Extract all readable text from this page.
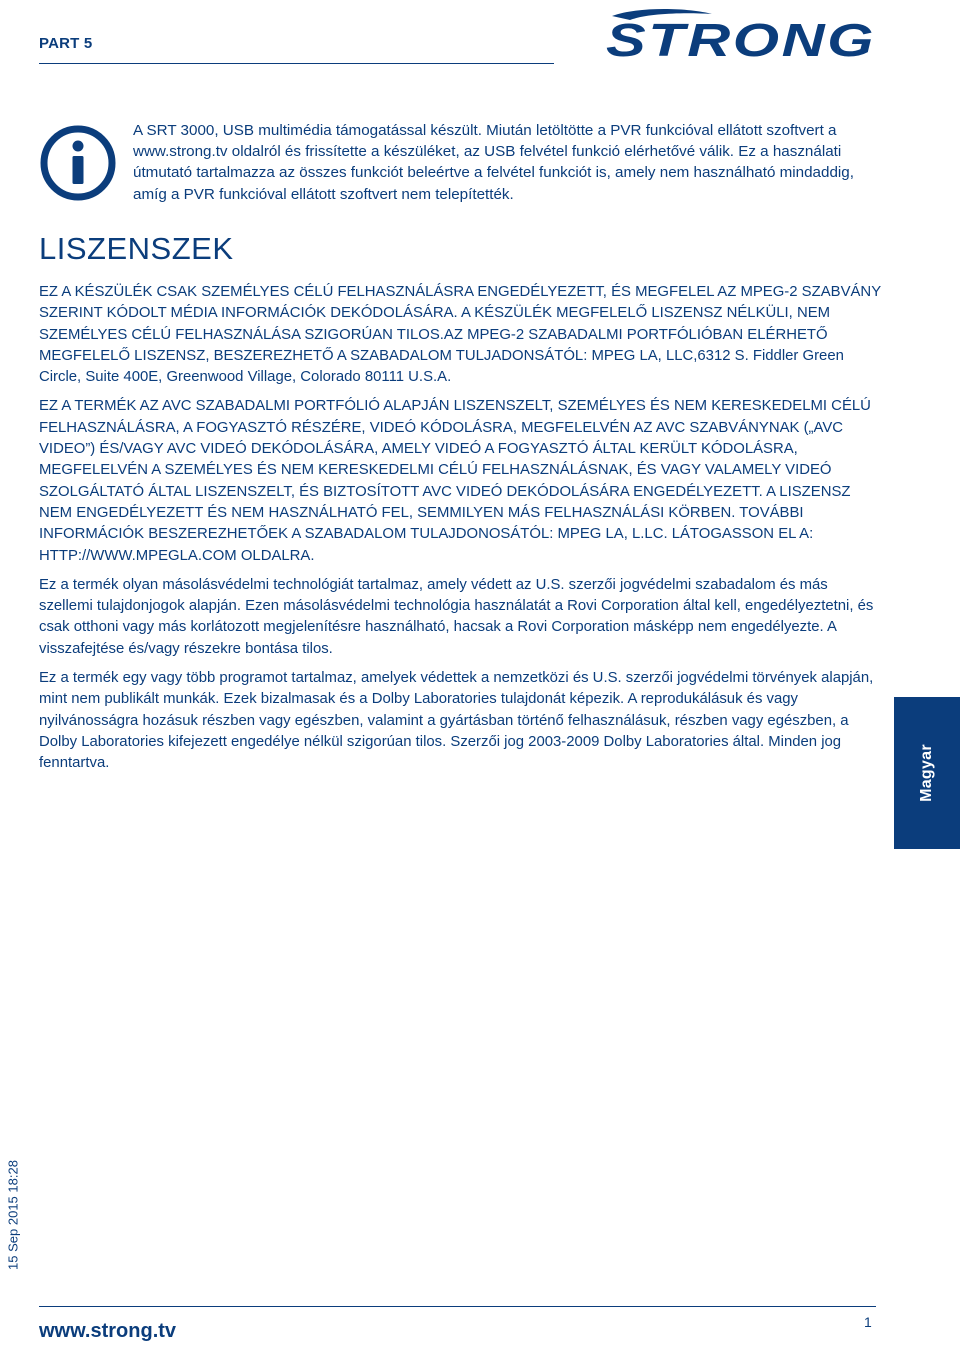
PART 5	STRONG
A SRT 3000, USB multimédia támogatással készült. Miután letöltötte a PVR funkcióval ellátott szoftvert a www.strong.tv oldalról és frissítette a készüléket, az USB felvétel funkció elérhetővé válik. Ez a használati útmutató tartalmazza az összes funkciót beleértve a felvétel funkciót is, amely nem használható mindaddig, amíg a PVR funkcióval ellátott szoftvert nem telepítették.
LISZENSZEK

EZ A KÉSZÜLÉK CSAK SZEMÉLYES CÉLÚ FELHASZNÁLÁSRA ENGEDÉLYEZETT, ÉS MEGFELEL AZ MPEG-2 SZABVÁNY SZERINT KÓDOLT MÉDIA INFORMÁCIÓK DEKÓDOLÁSÁRA. A KÉSZÜLÉK MEGFELELŐ LISZENSZ NÉLKÜLI, NEM SZEMÉLYES CÉLÚ FELHASZNÁLÁSA SZIGORÚAN TILOS.AZ MPEG-2 SZABADALMI PORTFÓLIÓBAN ELÉRHETŐ MEGFELELŐ LISZENSZ, BESZEREZHETŐ A SZABADALOM TULJADONSÁTÓL: MPEG LA, LLC,6312 S. Fiddler Green Circle, Suite 400E, Greenwood Village, Colorado 80111 U.S.A.

EZ A TERMÉK AZ AVC SZABADALMI PORTFÓLIÓ ALAPJÁN LISZENSZELT, SZEMÉLYES ÉS NEM KERESKEDELMI CÉLÚ FELHASZNÁLÁSRA, A FOGYASZTÓ RÉSZÉRE, VIDEÓ KÓDOLÁSRA, MEGFELELVÉN AZ AVC SZABVÁNYNAK („AVC VIDEO”) ÉS/VAGY AVC VIDEÓ DEKÓDOLÁSÁRA, AMELY VIDEÓ A FOGYASZTÓ ÁLTAL KERÜLT KÓDOLÁSRA, MEGFELELVÉN A SZEMÉLYES ÉS NEM KERESKEDELMI CÉLÚ FELHASZNÁLÁSNAK, ÉS VAGY VALAMELY VIDEÓ SZOLGÁLTATÓ ÁLTAL LISZENSZELT, ÉS BIZTOSÍTOTT AVC VIDEÓ DEKÓDOLÁSÁRA ENGEDÉLYEZETT. A LISZENSZ NEM ENGEDÉLYEZETT ÉS NEM HASZNÁLHATÓ FEL, SEMMILYEN MÁS FELHASZNÁLÁSI KÖRBEN. TOVÁBBI INFORMÁCIÓK BESZEREZHETŐEK A SZABADALOM TULAJDONOSÁTÓL: MPEG LA, L.LC. LÁTOGASSON EL A: HTTP://WWW.MPEGLA.COM OLDALRA.

Ez a termék olyan másolásvédelmi technológiát tartalmaz, amely védett az U.S. szerzői jogvédelmi szabadalom és más szellemi tulajdonjogok alapján. Ezen másolásvédelmi technológia használatát a Rovi Corporation által kell, engedélyeztetni, és csak otthoni vagy más korlátozott megjelenítésre használható, hacsak a Rovi Corporation másképp nem engedélyezte. A visszafejtése és/vagy részekre bontása tilos.

Ez a termék egy vagy több programot tartalmaz, amelyek védettek a nemzetközi és U.S. szerzői jogvédelmi törvények alapján, mint nem publikált munkák. Ezek bizalmasak és a Dolby Laboratories tulajdonát képezik. A reprodukálásuk és vagy nyilvánosságra hozásuk részben vagy egészben, valamint a gyártásban történő felhasználásuk, részben vagy egészben, a Dolby Laboratories kifejezett engedélye nélkül szigorúan tilos. Szerzői jog 2003-2009 Dolby Laboratories által. Minden jog fenntartva.	Magyar
15 Sep 2015 18:28
www.strong.tv	1
